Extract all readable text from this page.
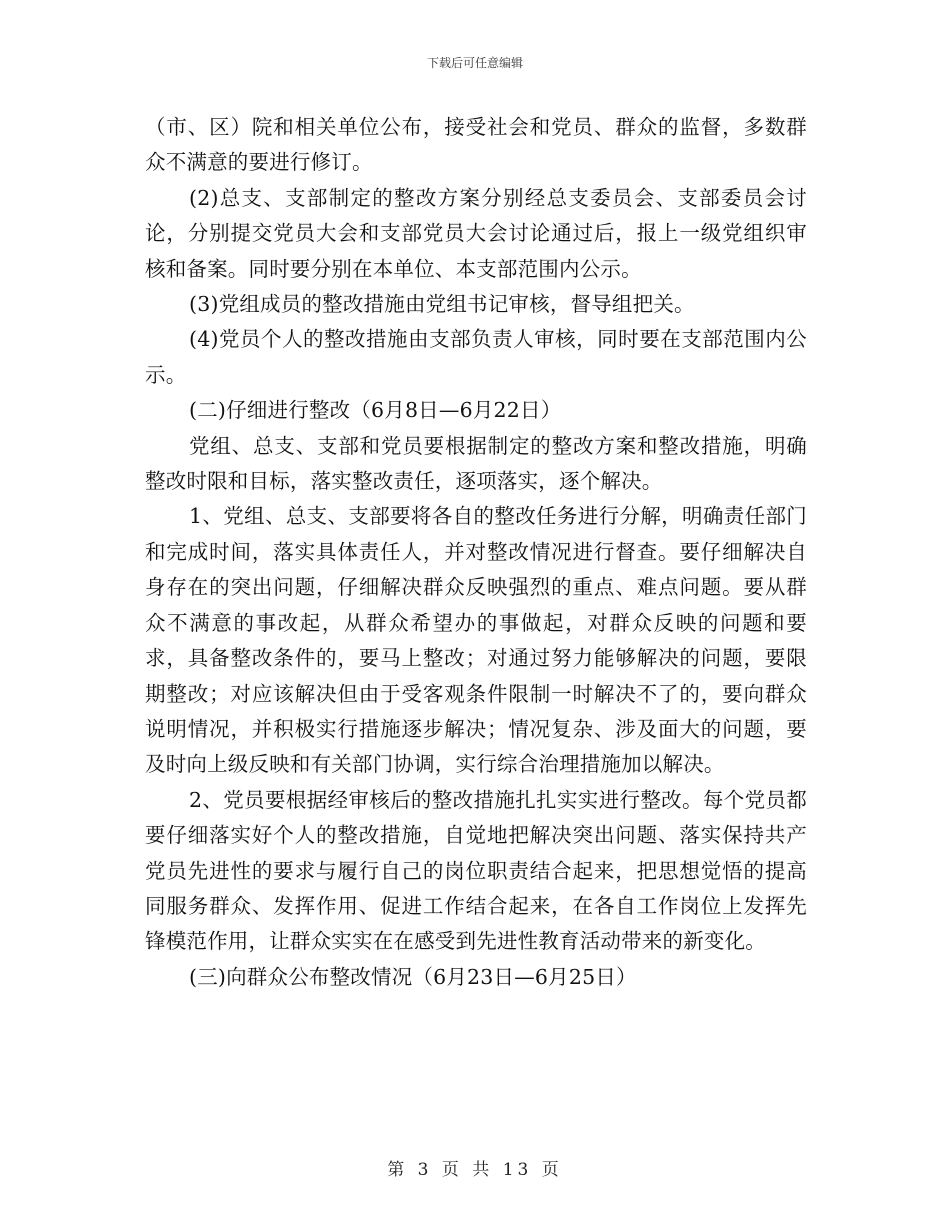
下载后可任意编辑

（市、区）院和相关单位公布，接受社会和党员、群众的监督，多数群众不满意的要进行修订。

(2)总支、支部制定的整改方案分别经总支委员会、支部委员会讨论，分别提交党员大会和支部党员大会讨论通过后，报上一级党组织审核和备案。同时要分别在本单位、本支部范围内公示。

(3)党组成员的整改措施由党组书记审核，督导组把关。

(4)党员个人的整改措施由支部负责人审核，同时要在支部范围内公示。

(二)仔细进行整改（6月8日—6月22日）

党组、总支、支部和党员要根据制定的整改方案和整改措施，明确整改时限和目标，落实整改责任，逐项落实，逐个解决。

1、党组、总支、支部要将各自的整改任务进行分解，明确责任部门和完成时间，落实具体责任人，并对整改情况进行督查。要仔细解决自身存在的突出问题，仔细解决群众反映强烈的重点、难点问题。要从群众不满意的事改起，从群众希望办的事做起，对群众反映的问题和要求，具备整改条件的，要马上整改；对通过努力能够解决的问题，要限期整改；对应该解决但由于受客观条件限制一时解决不了的，要向群众说明情况，并积极实行措施逐步解决；情况复杂、涉及面大的问题，要及时向上级反映和有关部门协调，实行综合治理措施加以解决。

2、党员要根据经审核后的整改措施扎扎实实进行整改。每个党员都要仔细落实好个人的整改措施，自觉地把解决突出问题、落实保持共产党员先进性的要求与履行自己的岗位职责结合起来，把思想觉悟的提高同服务群众、发挥作用、促进工作结合起来，在各自工作岗位上发挥先锋模范作用，让群众实实在在感受到先进性教育活动带来的新变化。

(三)向群众公布整改情况（6月23日—6月25日）

第 3 页 共 13 页
